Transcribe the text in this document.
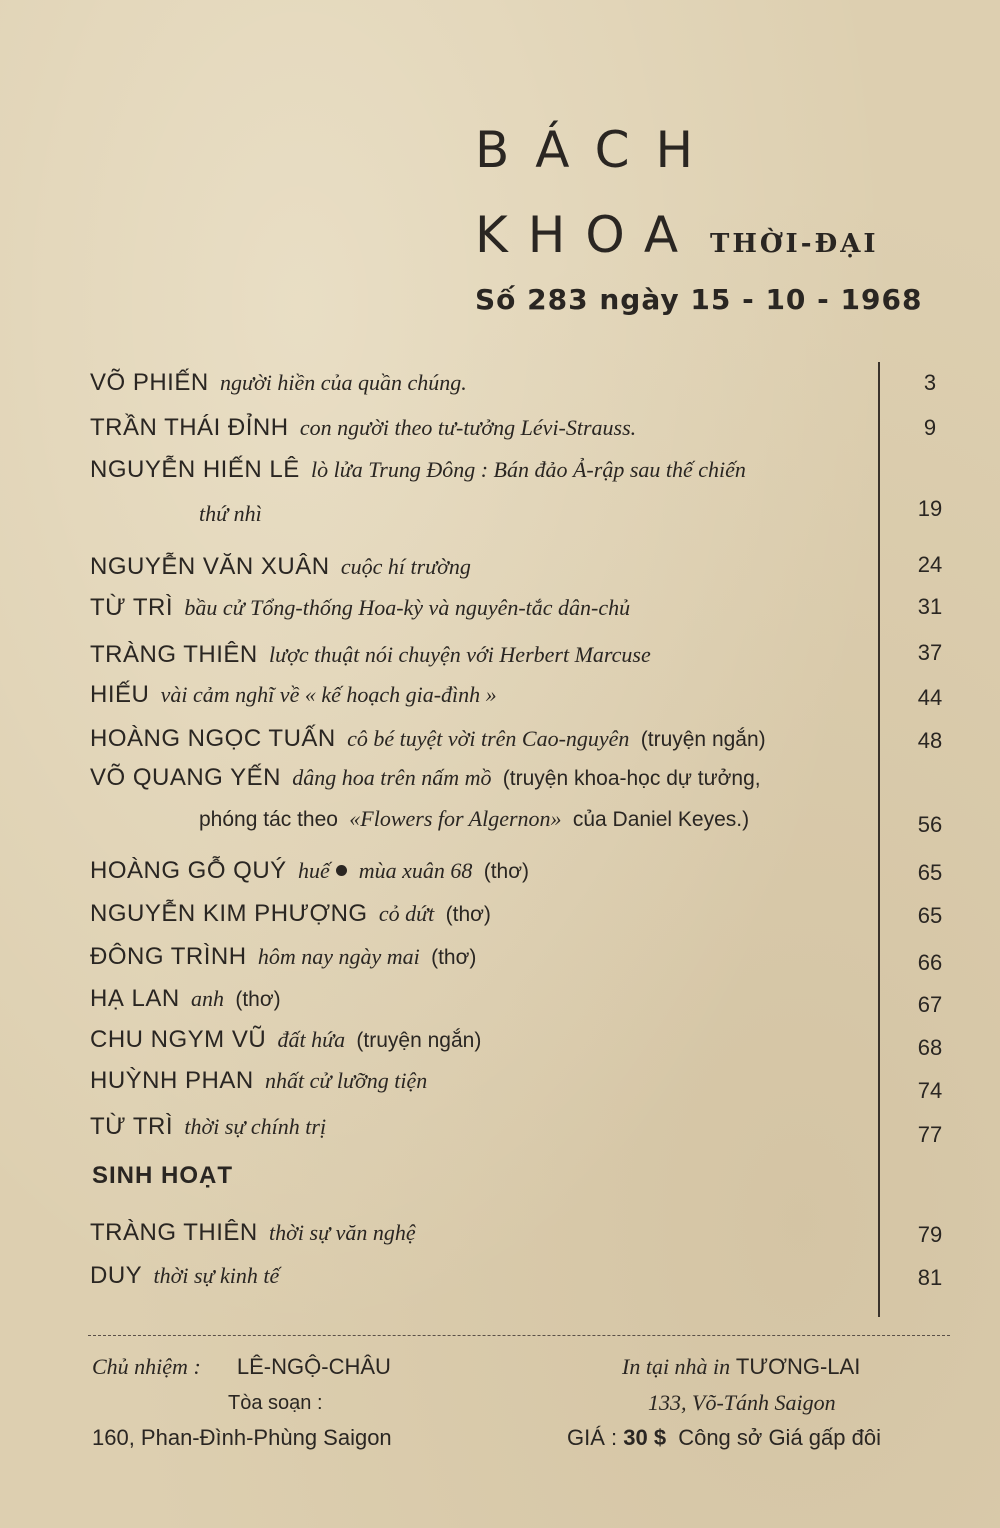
BÁCH
KHOA THỜI-ĐẠI
Số 283 ngày 15 - 10 - 1968
VÕ PHIẾN người hiền của quần chúng.	3
TRẦN THÁI ĐỈNH con người theo tư-tưởng Lévi-Strauss.	9
NGUYỄN HIẾN LÊ lò lửa Trung Đông : Bán đảo Ả-rập sau thế chiến
thứ nhì	19
NGUYỄN VĂN XUÂN cuộc hí trường	24
TỪ TRÌ bầu cử Tổng-thống Hoa-kỳ và nguyên-tắc dân-chủ	31
TRÀNG THIÊN lược thuật nói chuyện với Herbert Marcuse	37
HIẾU vài cảm nghĩ về « kế hoạch gia-đình »	44
HOÀNG NGỌC TUẤN cô bé tuyệt vời trên Cao-nguyên (truyện ngắn)	48
VÕ QUANG YẾN dâng hoa trên nấm mồ (truyện khoa-học dự tưởng,
phóng tác theo «Flowers for Algernon» của Daniel Keyes.)	56
HOÀNG GỖ QUÝ huế mùa xuân 68 (thơ)	65
NGUYỄN KIM PHƯỢNG cỏ dứt (thơ)	65
ĐÔNG TRÌNH hôm nay ngày mai (thơ)	66
HẠ LAN anh (thơ)	67
CHU NGYM VŨ đất hứa (truyện ngắn)	68
HUỲNH PHAN nhất cử lưỡng tiện	74
TỪ TRÌ thời sự chính trị	77
SINH HOẠT
TRÀNG THIÊN thời sự văn nghệ	79
DUY thời sự kinh tế	81
Chủ nhiệm : LÊ-NGỘ-CHÂU
Tòa soạn :
160, Phan-Đình-Phùng Saigon
In tại nhà in TƯƠNG-LAI
133, Võ-Tánh Saigon
GIÁ : 30 $ Công sở Giá gấp đôi
